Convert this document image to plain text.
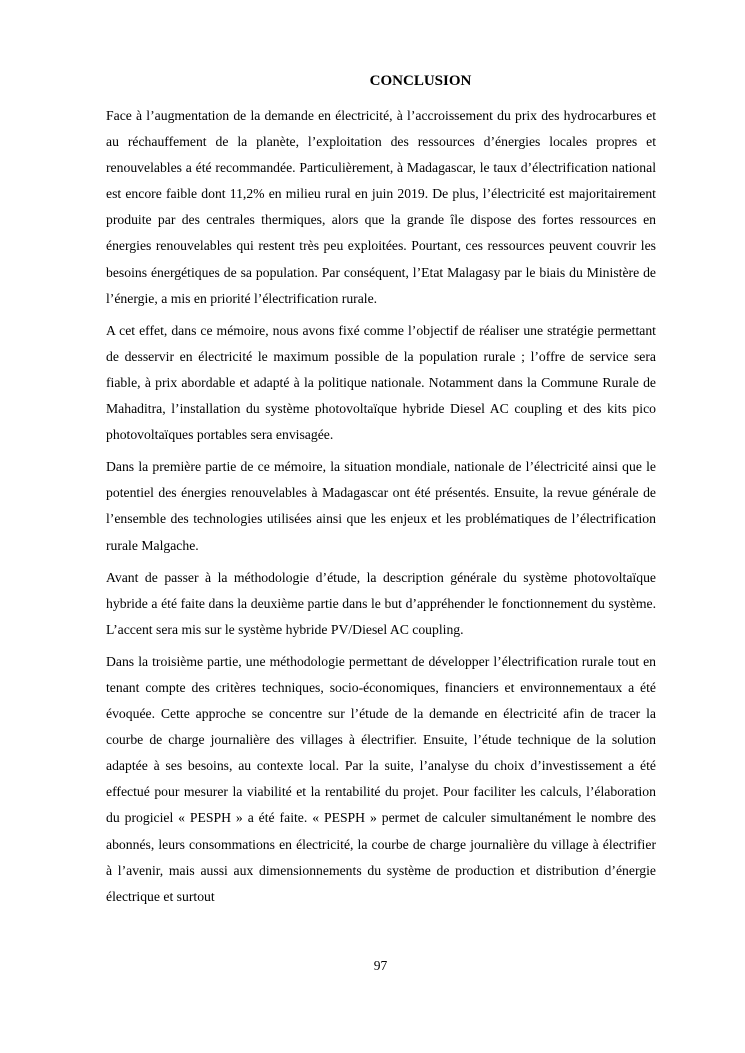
CONCLUSION

Face à l’augmentation de la demande en électricité, à l’accroissement du prix des hydrocarbures et au réchauffement de la planète, l’exploitation des ressources d’énergies locales propres et renouvelables a été recommandée. Particulièrement, à Madagascar, le taux d’électrification national est encore faible dont 11,2% en milieu rural en juin 2019. De plus, l’électricité est majoritairement produite par des centrales thermiques, alors que la grande île dispose des fortes ressources en énergies renouvelables qui restent très peu exploitées. Pourtant, ces ressources peuvent couvrir les besoins énergétiques de sa population. Par conséquent, l’Etat Malagasy par le biais du Ministère de l’énergie, a mis en priorité l’électrification rurale.

A cet effet, dans ce mémoire, nous avons fixé comme l’objectif de réaliser une stratégie permettant de desservir en électricité le maximum possible de la population rurale ; l’offre de service sera fiable, à prix abordable et adapté à la politique nationale. Notamment dans la Commune Rurale de Mahaditra, l’installation du système photovoltaïque hybride Diesel AC coupling et des kits pico photovoltaïques portables sera envisagée.

Dans la première partie de ce mémoire, la situation mondiale, nationale de l’électricité ainsi que le potentiel des énergies renouvelables à Madagascar ont été présentés. Ensuite, la revue générale de l’ensemble des technologies utilisées ainsi que les enjeux et les problématiques de l’électrification rurale Malgache.

Avant de passer à la méthodologie d’étude, la description générale du système photovoltaïque hybride a été faite dans la deuxième partie dans le but d’appréhender le fonctionnement du système. L’accent sera mis sur le système hybride PV/Diesel AC coupling.

Dans la troisième partie, une méthodologie permettant de développer l’électrification rurale tout en tenant compte des critères techniques, socio-économiques, financiers et environnementaux a été évoquée. Cette approche se concentre sur l’étude de la demande en électricité afin de tracer la courbe de charge journalière des villages à électrifier. Ensuite, l’étude technique de la solution adaptée à ses besoins, au contexte local. Par la suite, l’analyse du choix d’investissement a été effectué pour mesurer la viabilité et la rentabilité du projet. Pour faciliter les calculs, l’élaboration du progiciel « PESPH » a été faite. « PESPH » permet de calculer simultanément le nombre des abonnés, leurs consommations en électricité, la courbe de charge journalière du village à électrifier à l’avenir, mais aussi aux dimensionnements du système de production et distribution d’énergie électrique et surtout

97
